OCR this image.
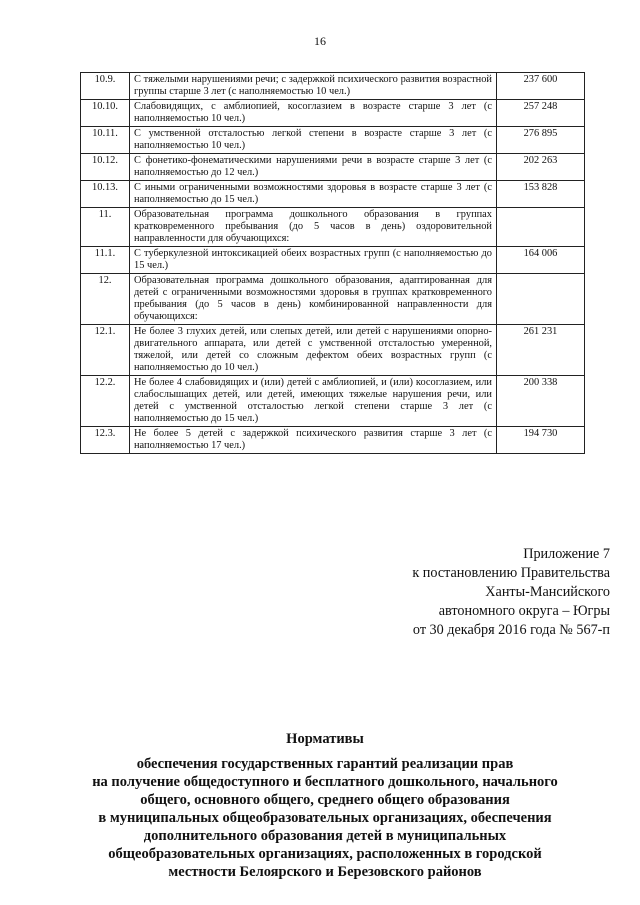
16
10.9.	С тяжелыми нарушениями речи; с задержкой психического развития возрастной группы старше 3 лет (с наполняемостью 10 чел.)	237 600
10.10.	Слабовидящих, с амблиопией, косоглазием в возрасте старше 3 лет (с наполняемостью 10 чел.)	257 248
10.11.	С умственной отсталостью легкой степени в возрасте старше 3 лет (с наполняемостью 10 чел.)	276 895
10.12.	С фонетико-фонематическими нарушениями речи в возрасте старше 3 лет (с наполняемостью до 12 чел.)	202 263
10.13.	С иными ограниченными возможностями здоровья в возрасте старше 3 лет (с наполняемостью до 15 чел.)	153 828
11.	Образовательная программа дошкольного образования в группах кратковременного пребывания (до 5 часов в день) оздоровительной направленности для обучающихся:	
11.1.	С туберкулезной интоксикацией обеих возрастных групп (с наполняемостью до 15 чел.)	164 006
12.	Образовательная программа дошкольного образования, адаптированная для детей с ограниченными возможностями здоровья в группах кратковременного пребывания (до 5 часов в день) комбинированной направленности для обучающихся:	
12.1.	Не более 3 глухих детей, или слепых детей, или детей с нарушениями опорно-двигательного аппарата, или детей с умственной отсталостью умеренной, тяжелой, или детей со сложным дефектом обеих возрастных групп (с наполняемостью до 10 чел.)	261 231
12.2.	Не более 4 слабовидящих и (или) детей с амблиопией, и (или) косоглазием, или слабослышащих детей, или детей, имеющих тяжелые нарушения речи, или детей с умственной отсталостью легкой степени старше 3 лет (с наполняемостью до 15 чел.)	200 338
12.3.	Не более 5 детей с задержкой психического развития старше 3 лет (с наполняемостью 17 чел.)	194 730
Приложение 7
к постановлению Правительства
Ханты-Мансийского
автономного округа – Югры
от 30 декабря 2016 года № 567-п
Нормативы
обеспечения государственных гарантий реализации прав
на получение общедоступного и бесплатного дошкольного, начального
общего, основного общего, среднего общего образования
в муниципальных общеобразовательных организациях, обеспечения
дополнительного образования детей в муниципальных
общеобразовательных организациях, расположенных в городской
местности Белоярского и Березовского районов
